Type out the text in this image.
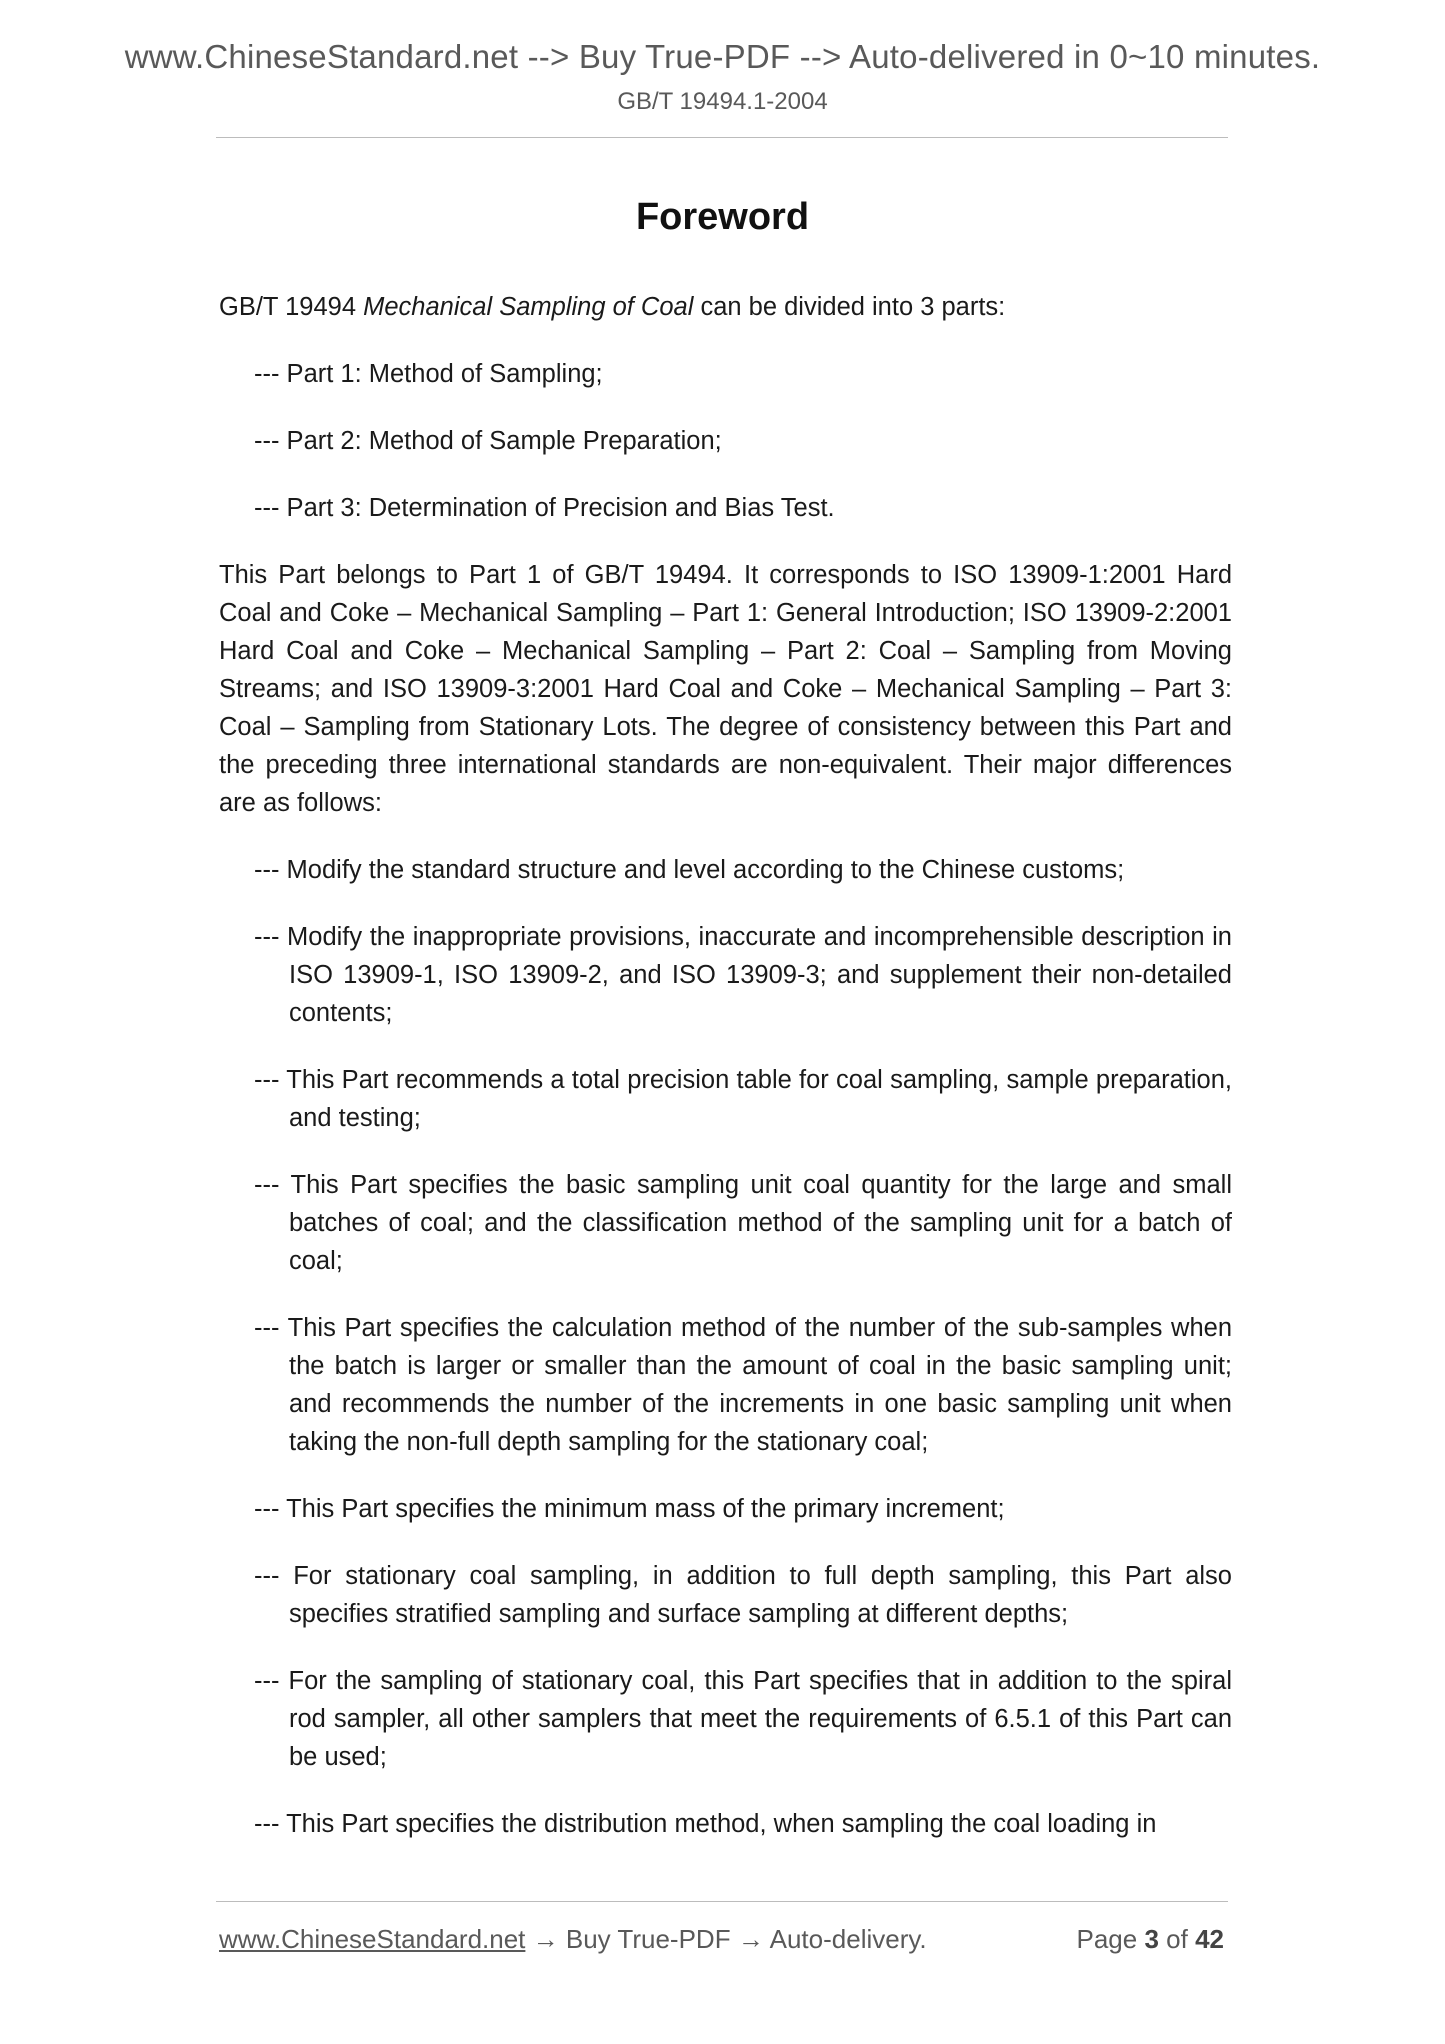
www.ChineseStandard.net --> Buy True-PDF --> Auto-delivered in 0~10 minutes.
GB/T 19494.1-2004
Foreword

GB/T 19494 Mechanical Sampling of Coal can be divided into 3 parts:

--- Part 1: Method of Sampling;

--- Part 2: Method of Sample Preparation;

--- Part 3: Determination of Precision and Bias Test.

This Part belongs to Part 1 of GB/T 19494. It corresponds to ISO 13909-1:2001 Hard Coal and Coke – Mechanical Sampling – Part 1: General Introduction; ISO 13909-2:2001 Hard Coal and Coke – Mechanical Sampling – Part 2: Coal – Sampling from Moving Streams; and ISO 13909-3:2001 Hard Coal and Coke – Mechanical Sampling – Part 3: Coal – Sampling from Stationary Lots. The degree of consistency between this Part and the preceding three international standards are non-equivalent. Their major differences are as follows:

--- Modify the standard structure and level according to the Chinese customs;

--- Modify the inappropriate provisions, inaccurate and incomprehensible description in ISO 13909-1, ISO 13909-2, and ISO 13909-3; and supplement their non-detailed contents;

--- This Part recommends a total precision table for coal sampling, sample preparation, and testing;

--- This Part specifies the basic sampling unit coal quantity for the large and small batches of coal; and the classification method of the sampling unit for a batch of coal;

--- This Part specifies the calculation method of the number of the sub-samples when the batch is larger or smaller than the amount of coal in the basic sampling unit; and recommends the number of the increments in one basic sampling unit when taking the non-full depth sampling for the stationary coal;

--- This Part specifies the minimum mass of the primary increment;

--- For stationary coal sampling, in addition to full depth sampling, this Part also specifies stratified sampling and surface sampling at different depths;

--- For the sampling of stationary coal, this Part specifies that in addition to the spiral rod sampler, all other samplers that meet the requirements of 6.5.1 of this Part can be used;

--- This Part specifies the distribution method, when sampling the coal loading in

www.ChineseStandard.net → Buy True-PDF → Auto-delivery.	Page 3 of 42
